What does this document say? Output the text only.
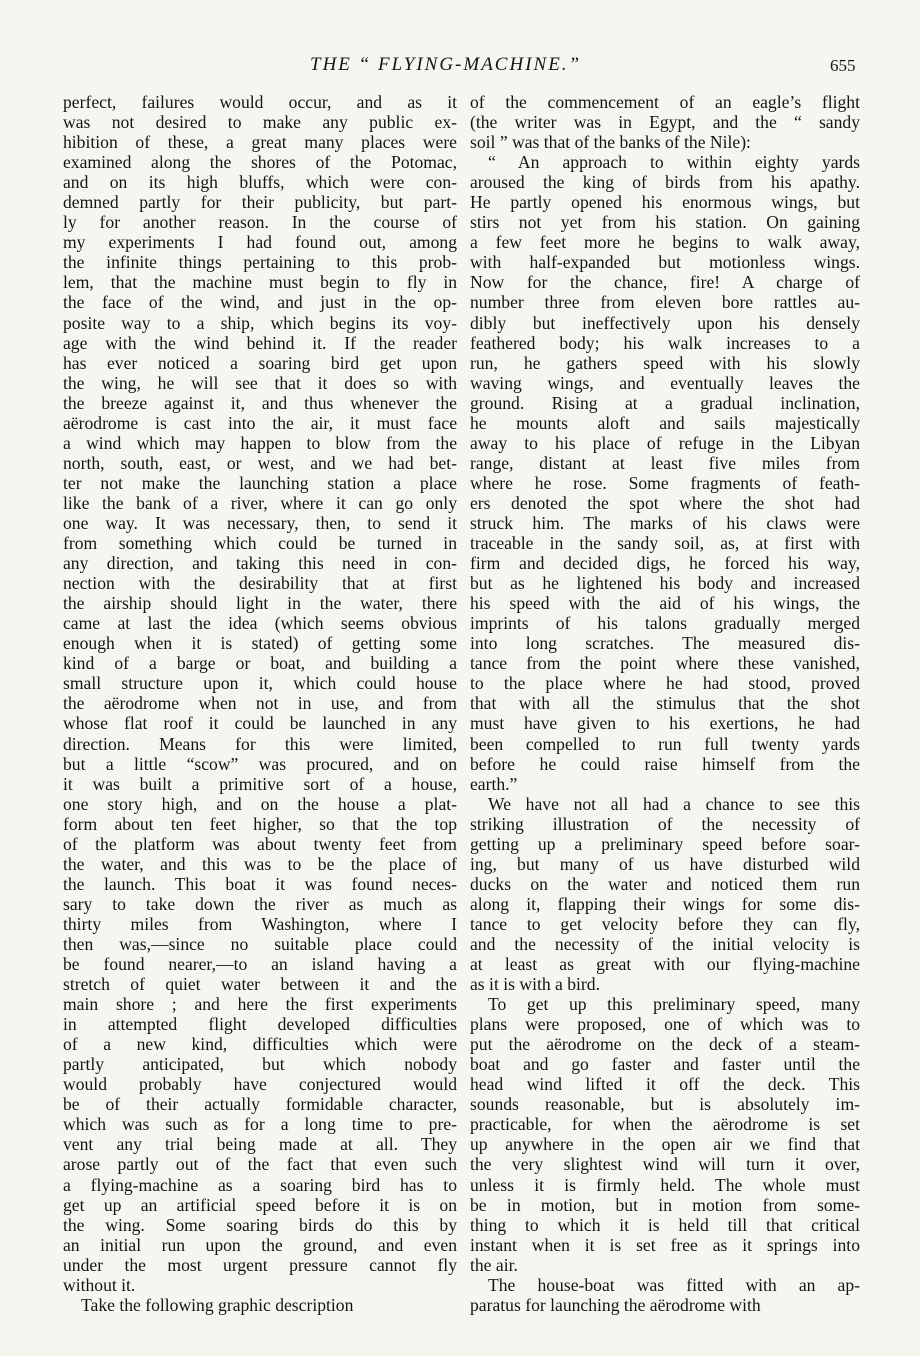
THE “ FLYING-MACHINE.”	655
perfect, failures would occur, and as it
was not desired to make any public ex-
hibition of these, a great many places were
examined along the shores of the Potomac,
and on its high bluffs, which were con-
demned partly for their publicity, but part-
ly for another reason. In the course of
my experiments I had found out, among
the infinite things pertaining to this prob-
lem, that the machine must begin to fly in
the face of the wind, and just in the op-
posite way to a ship, which begins its voy-
age with the wind behind it. If the reader
has ever noticed a soaring bird get upon
the wing, he will see that it does so with
the breeze against it, and thus whenever the
aërodrome is cast into the air, it must face
a wind which may happen to blow from the
north, south, east, or west, and we had bet-
ter not make the launching station a place
like the bank of a river, where it can go only
one way. It was necessary, then, to send it
from something which could be turned in
any direction, and taking this need in con-
nection with the desirability that at first
the airship should light in the water, there
came at last the idea (which seems obvious
enough when it is stated) of getting some
kind of a barge or boat, and building a
small structure upon it, which could house
the aërodrome when not in use, and from
whose flat roof it could be launched in any
direction. Means for this were limited,
but a little “scow” was procured, and on
it was built a primitive sort of a house,
one story high, and on the house a plat-
form about ten feet higher, so that the top
of the platform was about twenty feet from
the water, and this was to be the place of
the launch. This boat it was found neces-
sary to take down the river as much as
thirty miles from Washington, where I
then was,—since no suitable place could
be found nearer,—to an island having a
stretch of quiet water between it and the
main shore ; and here the first experiments
in attempted flight developed difficulties
of a new kind, difficulties which were
partly anticipated, but which nobody
would probably have conjectured would
be of their actually formidable character,
which was such as for a long time to pre-
vent any trial being made at all. They
arose partly out of the fact that even such
a flying-machine as a soaring bird has to
get up an artificial speed before it is on
the wing. Some soaring birds do this by
an initial run upon the ground, and even
under the most urgent pressure cannot fly
without it.
Take the following graphic description
of the commencement of an eagle’s flight
(the writer was in Egypt, and the “ sandy
soil ” was that of the banks of the Nile):
“ An approach to within eighty yards
aroused the king of birds from his apathy.
He partly opened his enormous wings, but
stirs not yet from his station. On gaining
a few feet more he begins to walk away,
with half-expanded but motionless wings.
Now for the chance, fire! A charge of
number three from eleven bore rattles au-
dibly but ineffectively upon his densely
feathered body; his walk increases to a
run, he gathers speed with his slowly
waving wings, and eventually leaves the
ground. Rising at a gradual inclination,
he mounts aloft and sails majestically
away to his place of refuge in the Libyan
range, distant at least five miles from
where he rose. Some fragments of feath-
ers denoted the spot where the shot had
struck him. The marks of his claws were
traceable in the sandy soil, as, at first with
firm and decided digs, he forced his way,
but as he lightened his body and increased
his speed with the aid of his wings, the
imprints of his talons gradually merged
into long scratches. The measured dis-
tance from the point where these vanished,
to the place where he had stood, proved
that with all the stimulus that the shot
must have given to his exertions, he had
been compelled to run full twenty yards
before he could raise himself from the
earth.”
We have not all had a chance to see this
striking illustration of the necessity of
getting up a preliminary speed before soar-
ing, but many of us have disturbed wild
ducks on the water and noticed them run
along it, flapping their wings for some dis-
tance to get velocity before they can fly,
and the necessity of the initial velocity is
at least as great with our flying-machine
as it is with a bird.
To get up this preliminary speed, many
plans were proposed, one of which was to
put the aërodrome on the deck of a steam-
boat and go faster and faster until the
head wind lifted it off the deck. This
sounds reasonable, but is absolutely im-
practicable, for when the aërodrome is set
up anywhere in the open air we find that
the very slightest wind will turn it over,
unless it is firmly held. The whole must
be in motion, but in motion from some-
thing to which it is held till that critical
instant when it is set free as it springs into
the air.
The house-boat was fitted with an ap-
paratus for launching the aërodrome with
